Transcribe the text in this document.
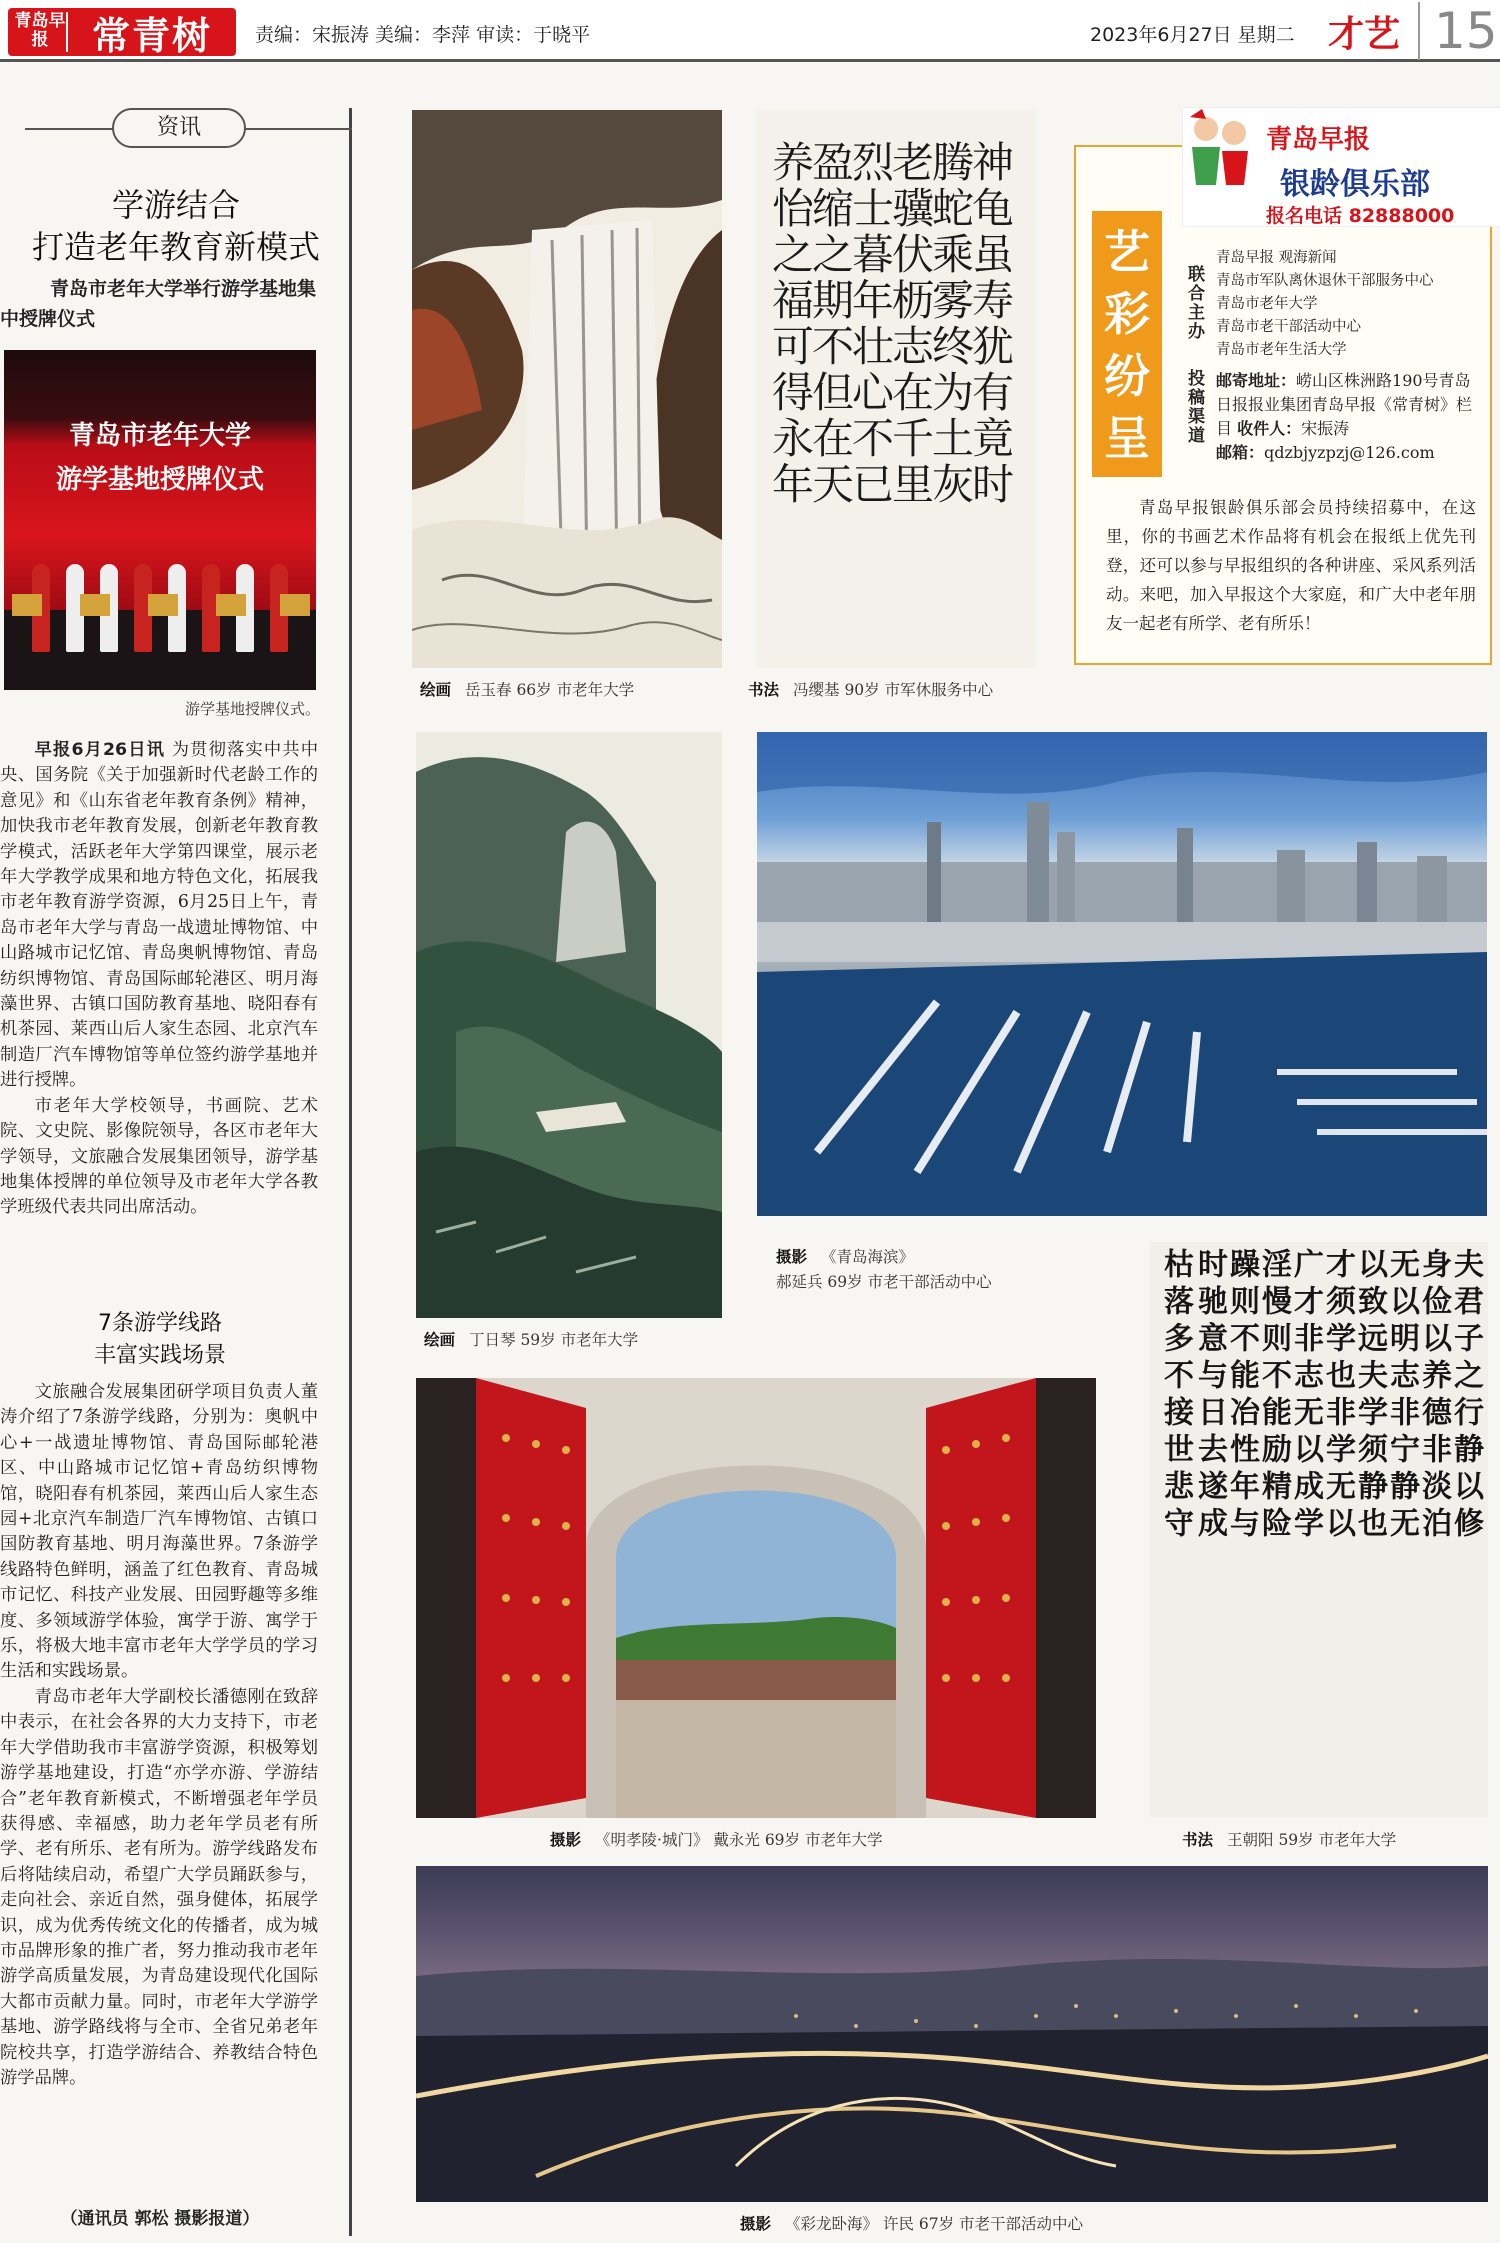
青岛早报	常青树	责编：宋振涛 美编：李萍 审读：于晓平	2023年6月27日 星期二 才艺 15
资讯
学游结合
打造老年教育新模式
青岛市老年大学举行游学基地集中授牌仪式
青岛市老年大学
游学基地授牌仪式
游学基地授牌仪式。

早报6月26日讯 为贯彻落实中共中央、国务院《关于加强新时代老龄工作的意见》和《山东省老年教育条例》精神，加快我市老年教育发展，创新老年教育教学模式，活跃老年大学第四课堂，展示老年大学教学成果和地方特色文化，拓展我市老年教育游学资源，6月25日上午，青岛市老年大学与青岛一战遗址博物馆、中山路城市记忆馆、青岛奥帆博物馆、青岛纺织博物馆、青岛国际邮轮港区、明月海藻世界、古镇口国防教育基地、晓阳春有机茶园、莱西山后人家生态园、北京汽车制造厂汽车博物馆等单位签约游学基地并进行授牌。

市老年大学校领导，书画院、艺术院、文史院、影像院领导，各区市老年大学领导，文旅融合发展集团领导，游学基地集体授牌的单位领导及市老年大学各教学班级代表共同出席活动。

7条游学线路
丰富实践场景

文旅融合发展集团研学项目负责人董涛介绍了7条游学线路，分别为：奥帆中心+一战遗址博物馆、青岛国际邮轮港区、中山路城市记忆馆+青岛纺织博物馆，晓阳春有机茶园，莱西山后人家生态园+北京汽车制造厂汽车博物馆、古镇口国防教育基地、明月海藻世界。7条游学线路特色鲜明，涵盖了红色教育、青岛城市记忆、科技产业发展、田园野趣等多维度、多领域游学体验，寓学于游、寓学于乐，将极大地丰富市老年大学学员的学习生活和实践场景。

青岛市老年大学副校长潘德刚在致辞中表示，在社会各界的大力支持下，市老年大学借助我市丰富游学资源，积极筹划游学基地建设，打造“亦学亦游、学游结合”老年教育新模式，不断增强老年学员获得感、幸福感，助力老年学员老有所学、老有所乐、老有所为。游学线路发布后将陆续启动，希望广大学员踊跃参与，走向社会、亲近自然，强身健体，拓展学识，成为优秀传统文化的传播者，成为城市品牌形象的推广者，努力推动我市老年游学高质量发展，为青岛建设现代化国际大都市贡献力量。同时，市老年大学游学基地、游学路线将与全市、全省兄弟老年院校共享，打造学游结合、养教结合特色游学品牌。

（通讯员 郭松 摄影报道）
绘画 岳玉春 66岁 市老年大学
神龟虽寿犹有竟时
腾蛇乘雾终为土灰
老骥伏枥志在千里
烈士暮年壮心不已
盈缩之期不但在天
养怡之福可得永年
书法 冯缨基 90岁 市军休服务中心
青岛早报
银龄俱乐部
报名电话 82888000
艺彩纷呈
联合主办
青岛早报 观海新闻
青岛市军队离休退休干部服务中心
青岛市老年大学
青岛市老干部活动中心
青岛市老年生活大学
投稿渠道 邮寄地址：崂山区株洲路190号青岛日报报业集团青岛早报《常青树》栏目 收件人：宋振涛
邮箱：qdzbjyzpzj@126.com
青岛早报银龄俱乐部会员持续招募中，在这里，你的书画艺术作品将有机会在报纸上优先刊登，还可以参与早报组织的各种讲座、采风系列活动。来吧，加入早报这个大家庭，和广大中老年朋友一起老有所学、老有所乐！
绘画 丁日琴 59岁 市老年大学
摄影 《青岛海滨》
郝延兵 69岁 市老干部活动中心	夫君子之行静以修
身俭以养德非淡泊
无以明志非宁静无
以致远夫学须静也
才须学也非学无以
广才非志无以成学
淫慢则不能励精险
躁则不能冶性年与
时驰意与日去遂成
枯落多不接世悲守
书法 王朝阳 59岁 市老年大学
摄影 《明孝陵·城门》 戴永光 69岁 市老年大学
摄影 《彩龙卧海》 许民 67岁 市老干部活动中心
